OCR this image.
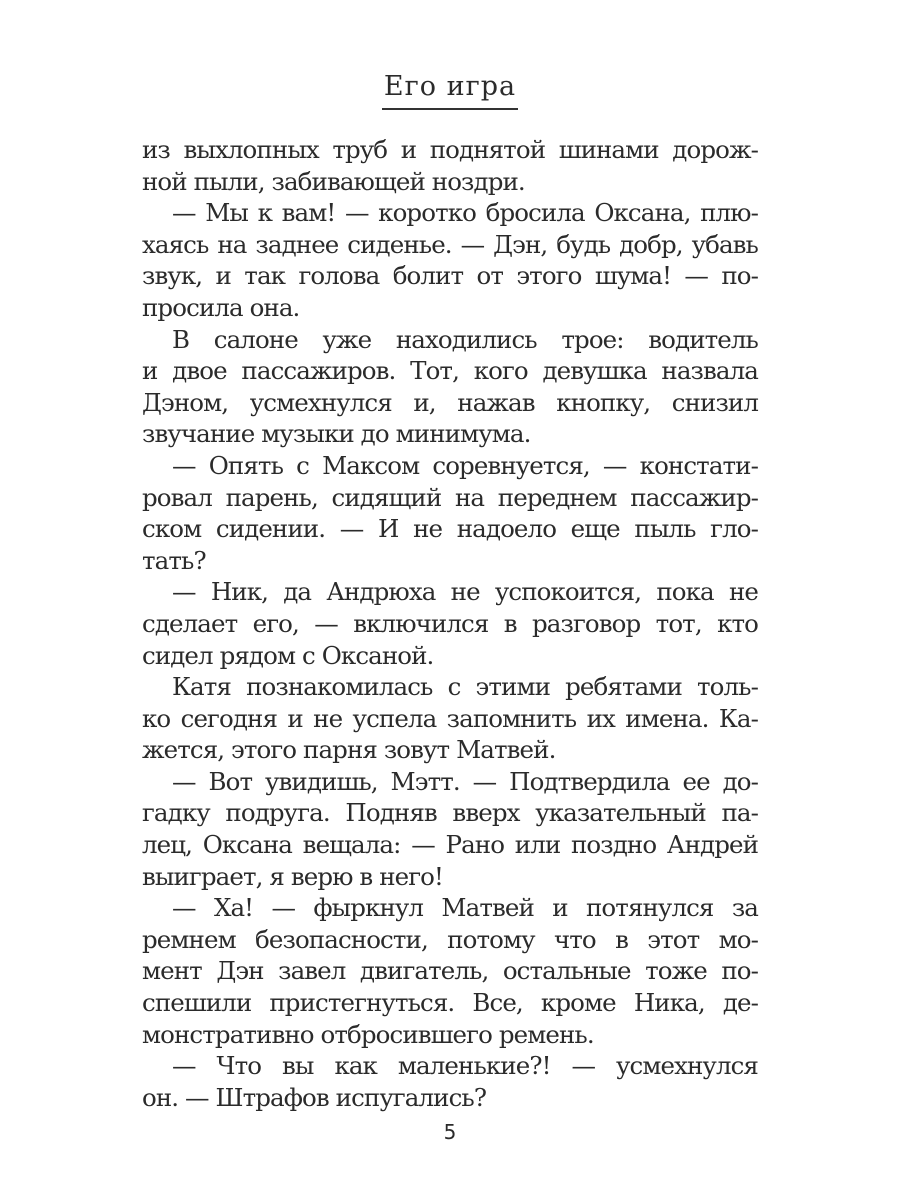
Его игра
из выхлопных труб и поднятой шинами дорож-
ной пыли, забивающей ноздри.
— Мы к вам! — коротко бросила Оксана, плю-
хаясь на заднее сиденье. — Дэн, будь добр, убавь
звук, и так голова болит от этого шума! — по-
просила она.
В салоне уже находились трое: водитель
и двое пассажиров. Тот, кого девушка назвала
Дэном, усмехнулся и, нажав кнопку, снизил
звучание музыки до минимума.
— Опять с Максом соревнуется, — констати-
ровал парень, сидящий на переднем пассажир-
ском сидении. — И не надоело еще пыль гло-
тать?
— Ник, да Андрюха не успокоится, пока не
сделает его, — включился в разговор тот, кто
сидел рядом с Оксаной.
Катя познакомилась с этими ребятами толь-
ко сегодня и не успела запомнить их имена. Ка-
жется, этого парня зовут Матвей.
— Вот увидишь, Мэтт. — Подтвердила ее до-
гадку подруга. Подняв вверх указательный па-
лец, Оксана вещала: — Рано или поздно Андрей
выиграет, я верю в него!
— Ха! — фыркнул Матвей и потянулся за
ремнем безопасности, потому что в этот мо-
мент Дэн завел двигатель, остальные тоже по-
спешили пристегнуться. Все, кроме Ника, де-
монстративно отбросившего ремень.
— Что вы как маленькие?! — усмехнулся
он. — Штрафов испугались?
5
